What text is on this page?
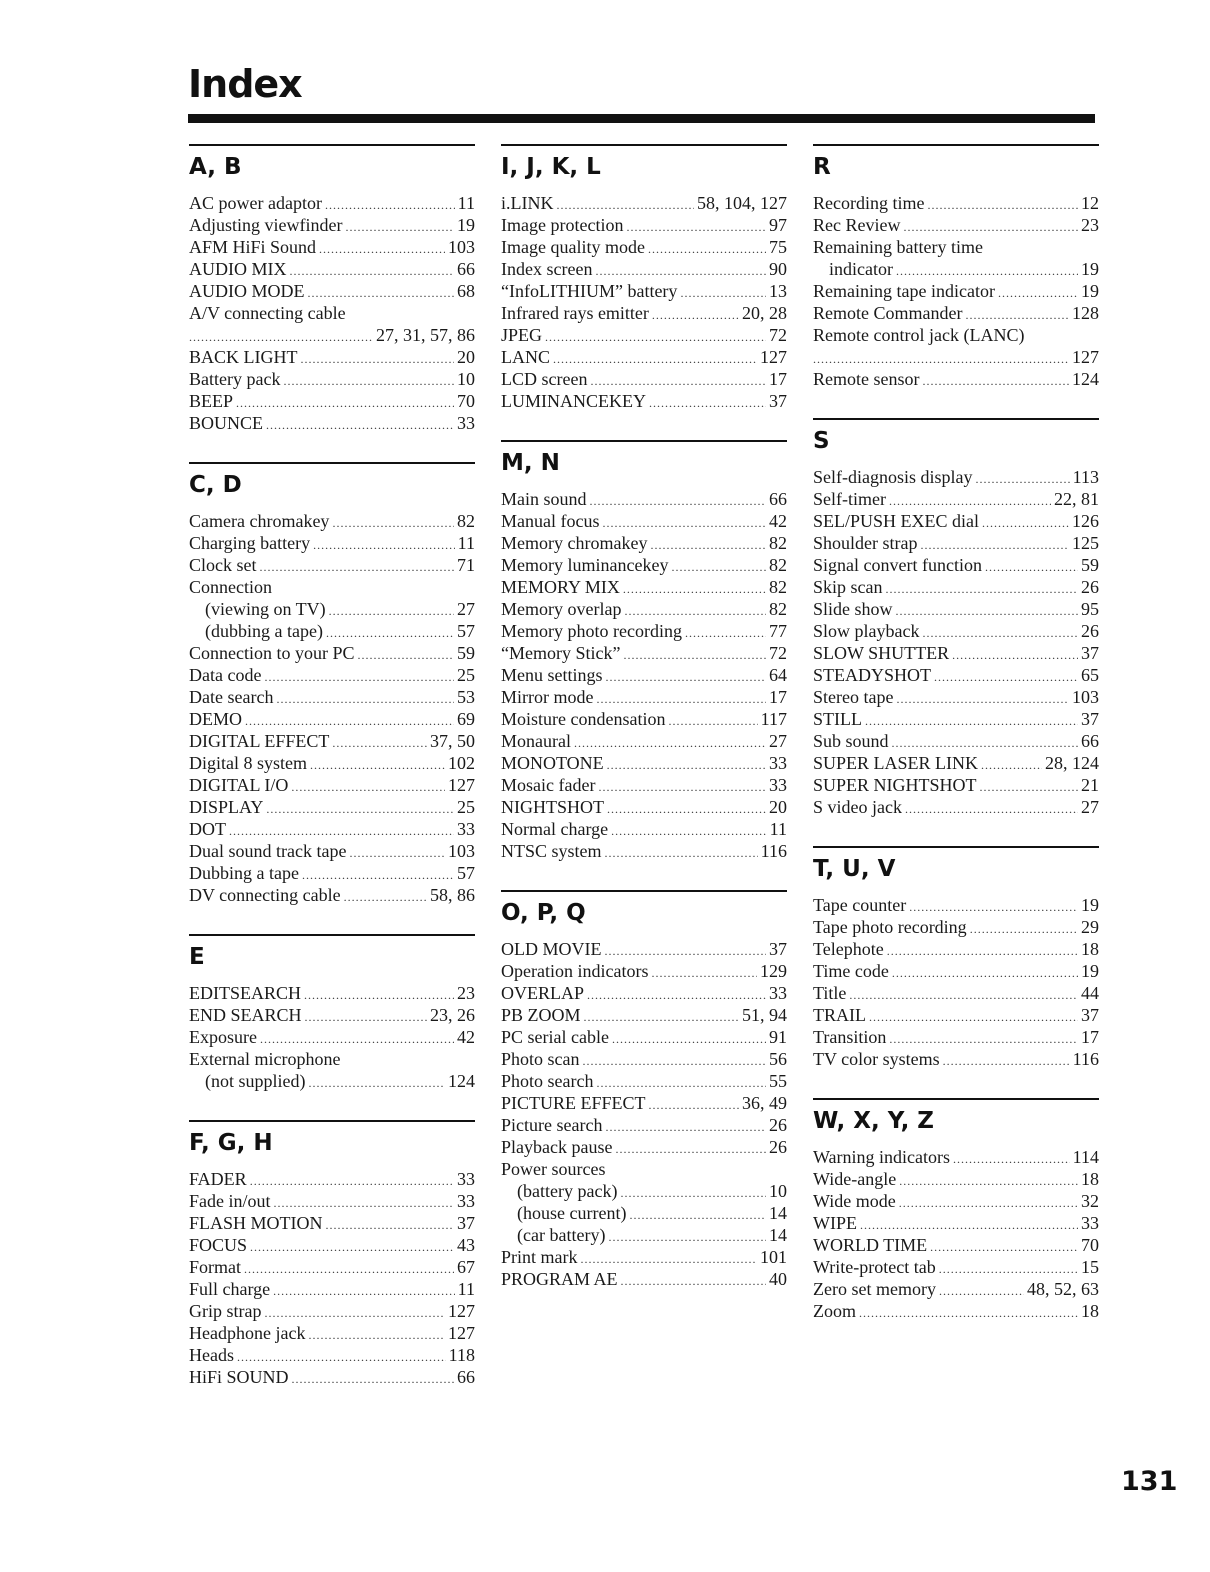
Index
A, B
AC power adaptor .....	11
Adjusting viewfinder .....	19
AFM HiFi Sound .....	103
AUDIO MIX .....	66
AUDIO MODE .....	68
A/V connecting cable
.....
27, 31, 57, 86
BACK LIGHT .....	20
Battery pack .....	10
BEEP .....	70
BOUNCE .....	33
C, D
Camera chromakey .....	82
Charging battery .....	11
Clock set .....	71
Connection
(viewing on TV) .....	27
(dubbing a tape) .....	57
Connection to your PC .....	59
Data code .....	25
Date search .....	53
DEMO .....	69
DIGITAL EFFECT .....	37, 50
Digital 8 system .....	102
DIGITAL I/O .....	127
DISPLAY .....	25
DOT .....	33
Dual sound track tape .....	103
Dubbing a tape .....	57
DV connecting cable .....	58, 86
E
EDITSEARCH .....	23
END SEARCH .....	23, 26
Exposure .....	42
External microphone
(not supplied) .....	124
F, G, H
FADER .....	33
Fade in/out .....	33
FLASH MOTION .....	37
FOCUS .....	43
Format .....	67
Full charge .....	11
Grip strap .....	127
Headphone jack .....	127
Heads .....	118
HiFi SOUND .....	66
I, J, K, L
i.LINK .....	58, 104, 127
Image protection .....	97
Image quality mode .....	75
Index screen .....	90
“InfoLITHIUM” battery .....	13
Infrared rays emitter .....	20, 28
JPEG .....	72
LANC .....	127
LCD screen .....	17
LUMINANCEKEY .....	37
M, N
Main sound .....	66
Manual focus .....	42
Memory chromakey .....	82
Memory luminancekey .....	82
MEMORY MIX .....	82
Memory overlap .....	82
Memory photo recording .....	77
“Memory Stick” .....	72
Menu settings .....	64
Mirror mode .....	17
Moisture condensation .....	117
Monaural .....	27
MONOTONE .....	33
Mosaic fader .....	33
NIGHTSHOT .....	20
Normal charge .....	11
NTSC system .....	116
O, P, Q
OLD MOVIE .....	37
Operation indicators .....	129
OVERLAP .....	33
PB ZOOM .....	51, 94
PC serial cable .....	91
Photo scan .....	56
Photo search .....	55
PICTURE EFFECT .....	36, 49
Picture search .....	26
Playback pause .....	26
Power sources
(battery pack) .....	10
(house current) .....	14
(car battery) .....	14
Print mark .....	101
PROGRAM AE .....	40
R
Recording time .....	12
Rec Review .....	23
Remaining battery time
indicator .....	19
Remaining tape indicator .....	19
Remote Commander .....	128
Remote control jack (LANC)
.....
127
Remote sensor .....	124
S
Self-diagnosis display .....	113
Self-timer .....	22, 81
SEL/PUSH EXEC dial .....	126
Shoulder strap .....	125
Signal convert function .....	59
Skip scan .....	26
Slide show .....	95
Slow playback .....	26
SLOW SHUTTER .....	37
STEADYSHOT .....	65
Stereo tape .....	103
STILL .....	37
Sub sound .....	66
SUPER LASER LINK .....	28, 124
SUPER NIGHTSHOT .....	21
S video jack .....	27
T, U, V
Tape counter .....	19
Tape photo recording .....	29
Telephote .....	18
Time code .....	19
Title .....	44
TRAIL .....	37
Transition .....	17
TV color systems .....	116
W, X, Y, Z
Warning indicators .....	114
Wide-angle .....	18
Wide mode .....	32
WIPE .....	33
WORLD TIME .....	70
Write-protect tab .....	15
Zero set memory .....	48, 52, 63
Zoom .....	18
131
